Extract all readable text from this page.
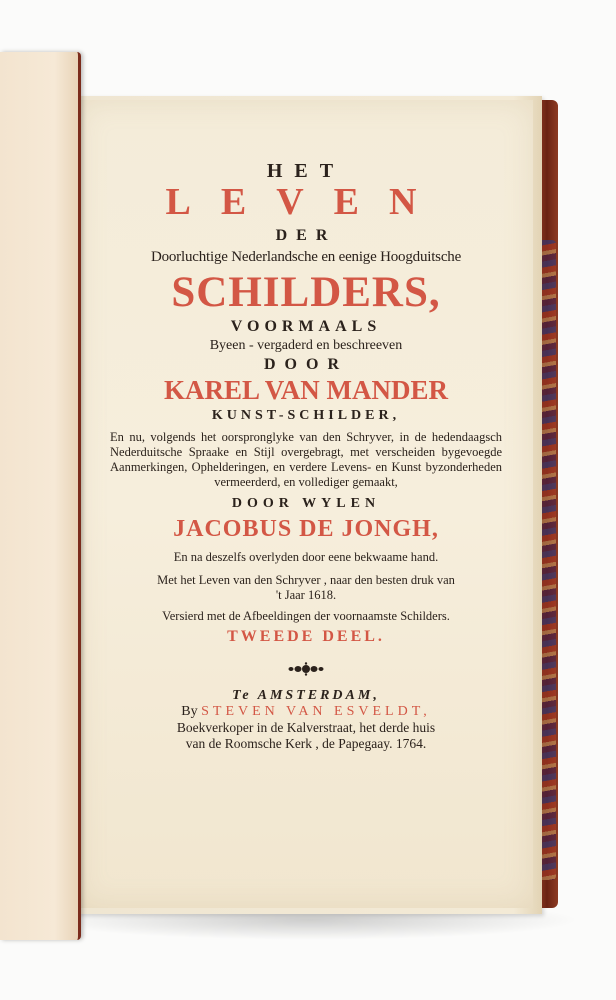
HET
LEVEN
DER
Doorluchtige Nederlandsche en eenige Hoogduitsche
SCHILDERS,
VOORMAALS
Byeen - vergaderd en beschreeven
DOOR
KAREL VAN MANDER
KUNST-SCHILDER,
En nu, volgends het oorspronglyke van den Schryver, in de hedendaagsch Nederduitsche Spraake en Stijl overgebragt, met verscheiden bygevoegde Aanmerkingen, Ophelderingen, en verdere Levens- en Kunst byzonderheden vermeerderd, en vollediger gemaakt,
DOOR WYLEN
JACOBUS DE JONGH,
En na deszelfs overlyden door eene bekwaame hand.
Met het Leven van den Schryver , naar den besten druk van
't Jaar 1618.
Versierd met de Afbeeldingen der voornaamste Schilders.
TWEEDE DEEL.
Te AMSTERDAM,
By STEVEN VAN ESVELDT,
Boekverkoper in de Kalverstraat, het derde huis
van de Roomsche Kerk , de Papegaay. 1764.
